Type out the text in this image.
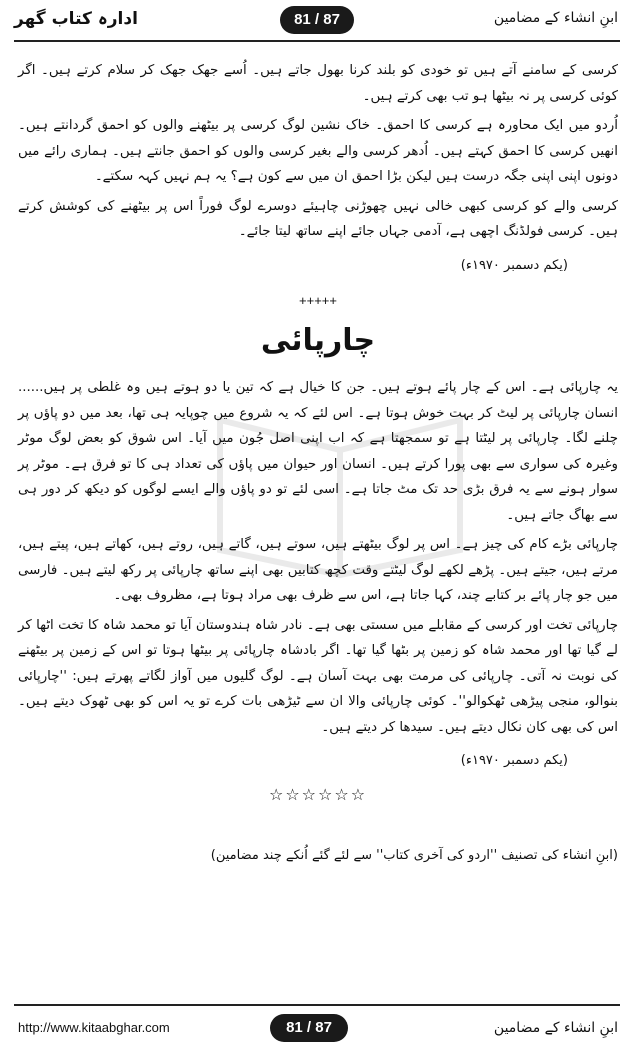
ادارہ کتاب گھر	81 / 87	ابنِ انشاء کے مضامین

کرسی کے سامنے آتے ہیں تو خودی کو بلند کرنا بھول جاتے ہیں۔ اُسے جھک جھک کر سلام کرتے ہیں۔ اگر کوئی کرسی پر نہ بیٹھا ہو تب بھی کرتے ہیں۔

اُردو میں ایک محاورہ ہے کرسی کا احمق۔ خاک نشین لوگ کرسی پر بیٹھنے والوں کو احمق گردانتے ہیں۔ انھیں کرسی کا احمق کہتے ہیں۔ اُدھر کرسی والے بغیر کرسی والوں کو احمق جانتے ہیں۔ ہماری رائے میں دونوں اپنی اپنی جگہ درست ہیں لیکن بڑا احمق ان میں سے کون ہے؟ یہ ہم نہیں کہہ سکتے۔

کرسی والے کو کرسی کبھی خالی نہیں چھوڑنی چاہیئے دوسرے لوگ فوراً اس پر بیٹھنے کی کوشش کرتے ہیں۔ کرسی فولڈنگ اچھی ہے، آدمی جہاں جائے اپنے ساتھ لیتا جائے۔

(یکم دسمبر ۱۹۷۰ء)
+++++
چارپائی

یہ چارپائی ہے۔ اس کے چار پائے ہوتے ہیں۔ جن کا خیال ہے کہ تین یا دو ہوتے ہیں وہ غلطی پر ہیں...... انسان چارپائی پر لیٹ کر بہت خوش ہوتا ہے۔ اس لئے کہ یہ شروع میں چوپایہ ہی تھا، بعد میں دو پاؤں پر چلنے لگا۔ چارپائی پر لیٹتا ہے تو سمجھتا ہے کہ اب اپنی اصل جُون میں آیا۔ اس شوق کو بعض لوگ موٹر وغیرہ کی سواری سے بھی پورا کرتے ہیں۔ انسان اور حیوان میں پاؤں کی تعداد ہی کا تو فرق ہے۔ موٹر پر سوار ہونے سے یہ فرق بڑی حد تک مٹ جاتا ہے۔ اسی لئے تو دو پاؤں والے ایسے لوگوں کو دیکھ کر دور ہی سے بھاگ جاتے ہیں۔

چارپائی بڑے کام کی چیز ہے۔ اس پر لوگ بیٹھتے ہیں، سوتے ہیں، گاتے ہیں، روتے ہیں، کھاتے ہیں، پیتے ہیں، مرتے ہیں، جیتے ہیں۔ پڑھے لکھے لوگ لیٹتے وقت کچھ کتابیں بھی اپنے ساتھ چارپائی پر رکھ لیتے ہیں۔ فارسی میں جو چار پائے بر کتابے چند، کہا جاتا ہے، اس سے ظرف بھی مراد ہوتا ہے، مظروف بھی۔

چارپائی تخت اور کرسی کے مقابلے میں سستی بھی ہے۔ نادر شاہ ہندوستان آیا تو محمد شاہ کا تخت اٹھا کر لے گیا تھا اور محمد شاہ کو زمین پر بٹھا گیا تھا۔ اگر بادشاہ چارپائی پر بیٹھا ہوتا تو اس کے زمین پر بیٹھنے کی نوبت نہ آتی۔ چارپائی کی مرمت بھی بہت آسان ہے۔ لوگ گلیوں میں آواز لگاتے پھرتے ہیں: ''چارپائی بنوالو، منجی پیڑھی ٹھکوالو''۔ کوئی چارپائی والا ان سے ٹیڑھی بات کرے تو یہ اس کو بھی ٹھوک دیتے ہیں۔ اس کی بھی کان نکال دیتے ہیں۔ سیدھا کر دیتے ہیں۔

(یکم دسمبر ۱۹۷۰ء)
☆☆☆☆☆☆
(ابنِ انشاء کی تصنیف ''اردو کی آخری کتاب'' سے لئے گئے اُنکے چند مضامین)
http://www.kitaabghar.com	81 / 87	ابنِ انشاء کے مضامین
